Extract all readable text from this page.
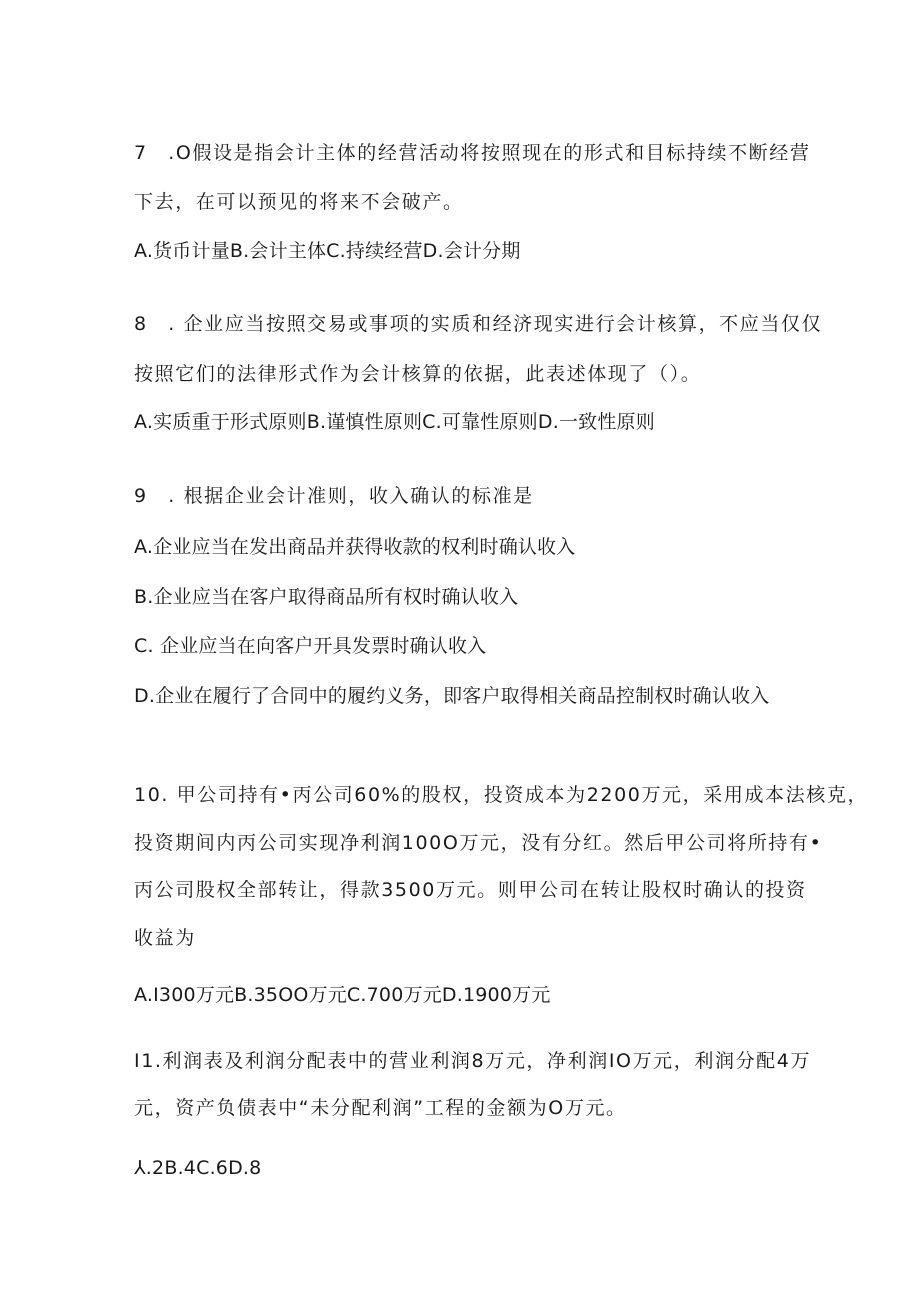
7　.O假设是指会计主体的经营活动将按照现在的形式和目标持续不断经营
下去，在可以预见的将来不会破产。
A.货币计量B.会计主体C.持续经营D.会计分期
8　. 企业应当按照交易或事项的实质和经济现实进行会计核算，不应当仅仅
按照它们的法律形式作为会计核算的依据，此表述体现了（）。
A.实质重于形式原则B.谨慎性原则C.可靠性原则D.一致性原则
9　. 根据企业会计准则，收入确认的标准是
A.企业应当在发出商品并获得收款的权利时确认收入
B.企业应当在客户取得商品所有权时确认收入
C. 企业应当在向客户开具发票时确认收入
D.企业在履行了合同中的履约义务，即客户取得相关商品控制权时确认收入
10. 甲公司持有•丙公司60%的股权，投资成本为2200万元，采用成本法核克，
投资期间内丙公司实现净利润100O万元，没有分红。然后甲公司将所持有•
丙公司股权全部转让，得款3500万元。则甲公司在转让股权时确认的投资
收益为
A.I300万元B.35OO万元C.700万元D.1900万元
I1.利润表及利润分配表中的营业利润8万元，净利润IO万元，利润分配4万
元，资产负债表中“未分配利润”工程的金额为O万元。
⅄.2B.4C.6D.8
